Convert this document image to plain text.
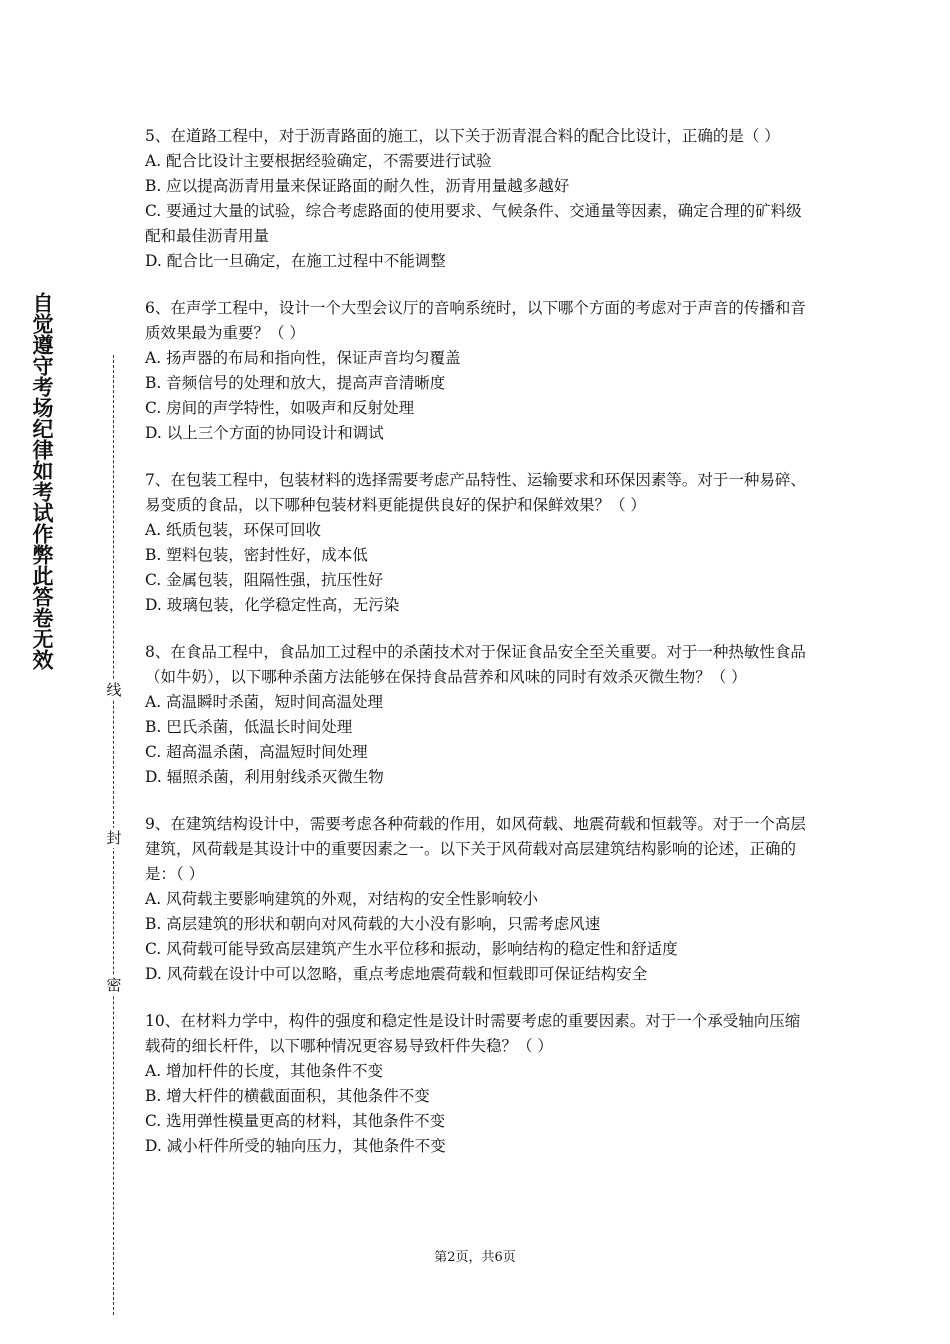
自觉遵守考场纪律如考试作弊此答卷无效
线
封
密

5、在道路工程中，对于沥青路面的施工，以下关于沥青混合料的配合比设计，正确的是（ ）

A. 配合比设计主要根据经验确定，不需要进行试验

B. 应以提高沥青用量来保证路面的耐久性，沥青用量越多越好

C. 要通过大量的试验，综合考虑路面的使用要求、气候条件、交通量等因素，确定合理的矿料级配和最佳沥青用量

D. 配合比一旦确定，在施工过程中不能调整

6、在声学工程中，设计一个大型会议厅的音响系统时，以下哪个方面的考虑对于声音的传播和音质效果最为重要？（ ）

A. 扬声器的布局和指向性，保证声音均匀覆盖

B. 音频信号的处理和放大，提高声音清晰度

C. 房间的声学特性，如吸声和反射处理

D. 以上三个方面的协同设计和调试

7、在包装工程中，包装材料的选择需要考虑产品特性、运输要求和环保因素等。对于一种易碎、易变质的食品，以下哪种包装材料更能提供良好的保护和保鲜效果？（ ）

A. 纸质包装，环保可回收

B. 塑料包装，密封性好，成本低

C. 金属包装，阻隔性强，抗压性好

D. 玻璃包装，化学稳定性高，无污染

8、在食品工程中，食品加工过程中的杀菌技术对于保证食品安全至关重要。对于一种热敏性食品（如牛奶），以下哪种杀菌方法能够在保持食品营养和风味的同时有效杀灭微生物？（ ）

A. 高温瞬时杀菌，短时间高温处理

B. 巴氏杀菌，低温长时间处理

C. 超高温杀菌，高温短时间处理

D. 辐照杀菌，利用射线杀灭微生物

9、在建筑结构设计中，需要考虑各种荷载的作用，如风荷载、地震荷载和恒载等。对于一个高层建筑，风荷载是其设计中的重要因素之一。以下关于风荷载对高层建筑结构影响的论述，正确的是：（ ）

A. 风荷载主要影响建筑的外观，对结构的安全性影响较小

B. 高层建筑的形状和朝向对风荷载的大小没有影响，只需考虑风速

C. 风荷载可能导致高层建筑产生水平位移和振动，影响结构的稳定性和舒适度

D. 风荷载在设计中可以忽略，重点考虑地震荷载和恒载即可保证结构安全

10、在材料力学中，构件的强度和稳定性是设计时需要考虑的重要因素。对于一个承受轴向压缩载荷的细长杆件，以下哪种情况更容易导致杆件失稳？（ ）

A. 增加杆件的长度，其他条件不变

B. 增大杆件的横截面面积，其他条件不变

C. 选用弹性模量更高的材料，其他条件不变

D. 减小杆件所受的轴向压力，其他条件不变

第2页，共6页
